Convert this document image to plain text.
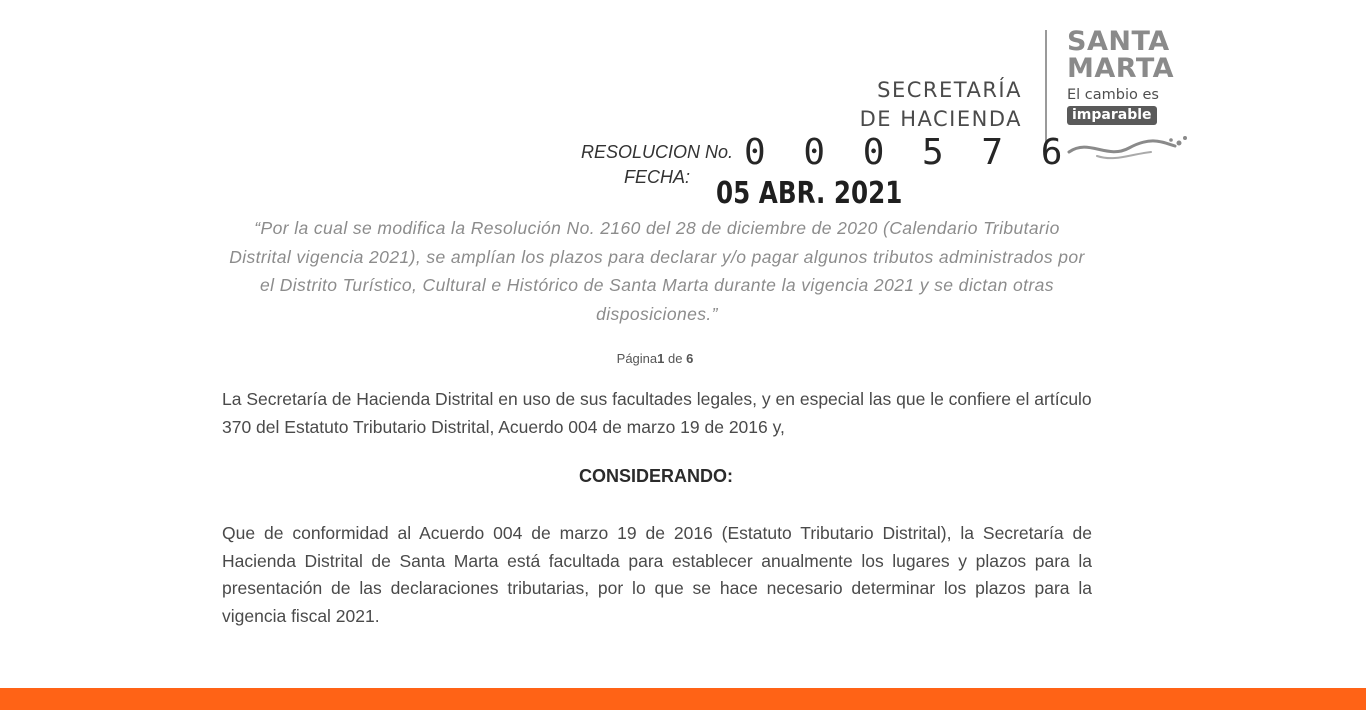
SECRETARÍA
DE HACIENDA
SANTA
MARTA
El cambio es
imparable
RESOLUCION No. 0 0 0 5 7 6
FECHA: 05 ABR. 2021
“Por la cual se modifica la Resolución No. 2160 del 28 de diciembre de 2020 (Calendario Tributario Distrital vigencia 2021), se amplían los plazos para declarar y/o pagar algunos tributos administrados por el Distrito Turístico, Cultural e Histórico de Santa Marta durante la vigencia 2021 y se dictan otras disposiciones.”
Página1 de 6
La Secretaría de Hacienda Distrital en uso de sus facultades legales, y en especial las que le confiere el artículo 370 del Estatuto Tributario Distrital, Acuerdo 004 de marzo 19 de 2016 y,
CONSIDERANDO:
Que de conformidad al Acuerdo 004 de marzo 19 de 2016 (Estatuto Tributario Distrital), la Secretaría de Hacienda Distrital de Santa Marta está facultada para establecer anualmente los lugares y plazos para la presentación de las declaraciones tributarias, por lo que se hace necesario determinar los plazos para la vigencia fiscal 2021.
